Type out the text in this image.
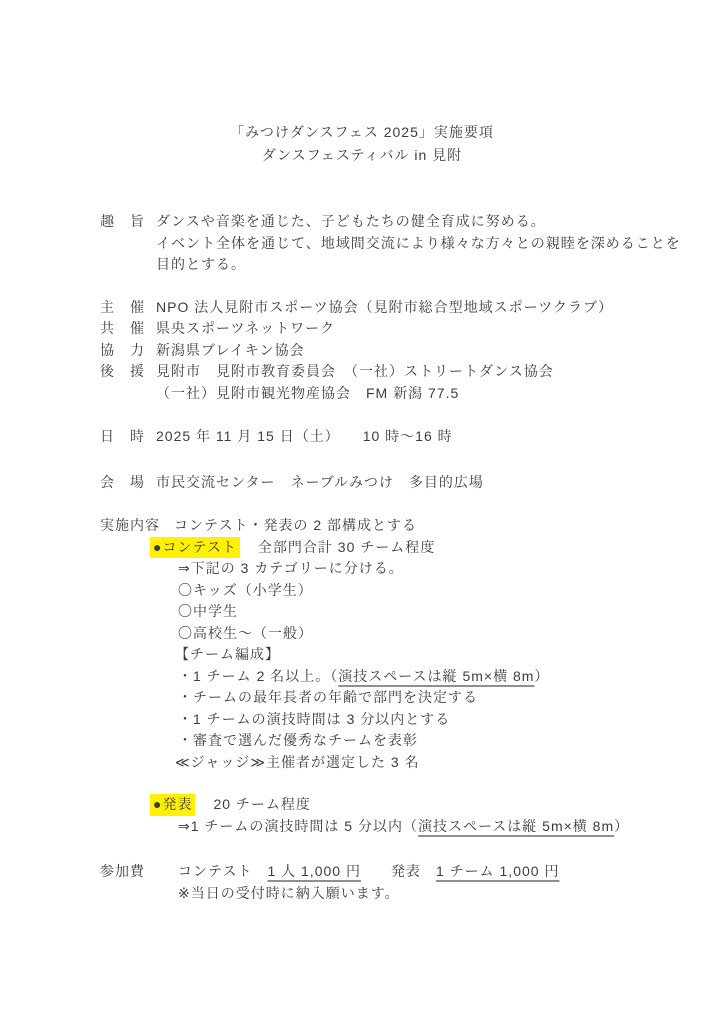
「みつけダンスフェス 2025」実施要項
ダンスフェスティバル in 見附
趣　旨 ダンスや音楽を通じた、子どもたちの健全育成に努める。
イベント全体を通じて、地域間交流により様々な方々との親睦を深めることを
目的とする。
主　催 NPO 法人見附市スポーツ協会（見附市総合型地域スポーツクラブ）
共　催 県央スポーツネットワーク
協　力 新潟県ブレイキン協会
後　援 見附市　見附市教育委員会　（一社）ストリートダンス協会
（一社）見附市観光物産協会　FM 新潟 77.5
日　時 2025 年 11 月 15 日（土）　　10 時～16 時
会　場 市民交流センター　ネーブルみつけ　多目的広場
実施内容	コンテスト・発表の 2 部構成とする
●コンテスト 全部門合計 30 チーム程度
⇒下記の 3 カテゴリーに分ける。
〇キッズ（小学生）
〇中学生
〇高校生～（一般）
【チーム編成】
・1 チーム 2 名以上。（演技スペースは縦 5m×横 8m）
・チームの最年長者の年齢で部門を決定する
・1 チームの演技時間は 3 分以内とする
・審査で選んだ優秀なチームを表彰
≪ジャッジ≫主催者が選定した 3 名
●発表 20 チーム程度
⇒1 チームの演技時間は 5 分以内（演技スペースは縦 5m×横 8m）
参加費	コンテスト　1 人 1,000 円　　発表　1 チーム 1,000 円
※当日の受付時に納入願います。
